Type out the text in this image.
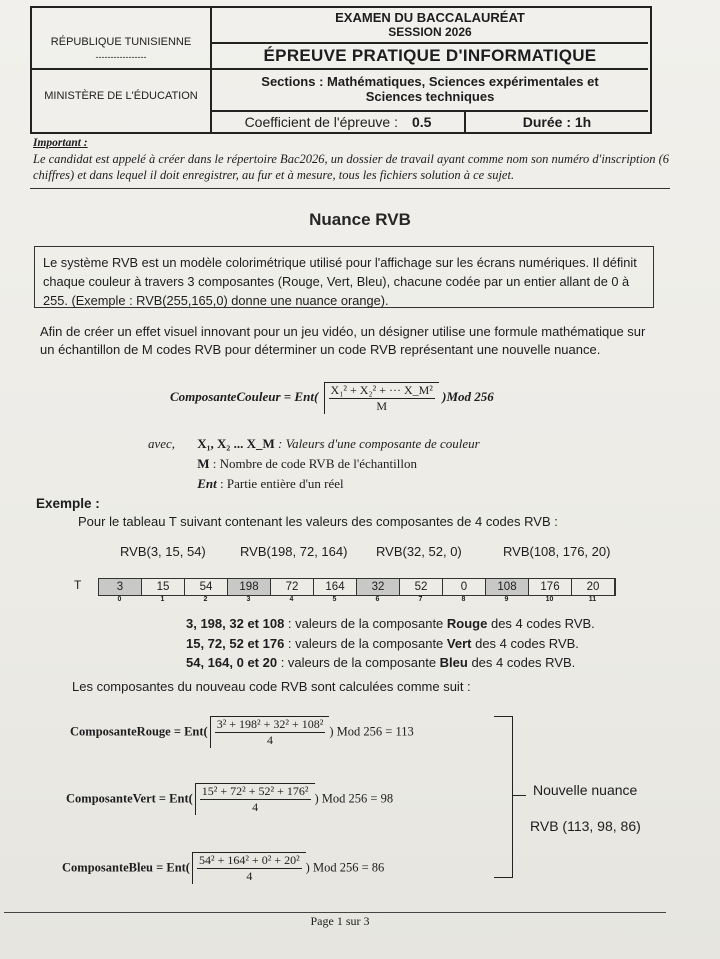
RÉPUBLIQUE TUNISIENNE
-----------------
MINISTÈRE DE L'ÉDUCATION
EXAMEN DU BACCALAURÉAT
SESSION 2026
ÉPREUVE PRATIQUE D'INFORMATIQUE
Sections : Mathématiques, Sciences expérimentales et
Sciences techniques
Coefficient de l'épreuve : 0.5	Durée : 1h
Important :
Le candidat est appelé à créer dans le répertoire Bac2026, un dossier de travail ayant comme nom son numéro d'inscription (6 chiffres) et dans lequel il doit enregistrer, au fur et à mesure, tous les fichiers solution à ce sujet.
Nuance RVB
Le système RVB est un modèle colorimétrique utilisé pour l'affichage sur les écrans numériques. Il définit chaque couleur à travers 3 composantes (Rouge, Vert, Bleu), chacune codée par un entier allant de 0 à 255. (Exemple : RVB(255,165,0) donne une nuance orange).
Afin de créer un effet visuel innovant pour un jeu vidéo, un désigner utilise une formule mathématique sur un échantillon de M codes RVB pour déterminer un code RVB représentant une nouvelle nuance.
ComposanteCouleur = $Ent( \frac{\text{X₁² + X₂² + ··· X\_M²}}{M} )Mod$ 256
avec, X₁, X₂ ... X_M : Valeurs d'une composante de couleur
M : Nombre de code RVB de l'échantillon
Ent : Partie entière d'un réel
Exemple :
Pour le tableau T suivant contenant les valeurs des composantes de 4 codes RVB :
RVB(3, 15, 54)	RVB(198, 72, 164) RVB(32, 52, 0)	RVB(108, 176, 20)
T	3	15	54	198	72	164	32	52	0	108	176	20
0	1	2	3	4	5	6	7	8	9	10	11
3, 198, 32 et 108 : valeurs de la composante Rouge des 4 codes RVB.
15, 72, 52 et 176 : valeurs de la composante Vert des 4 codes RVB.
54, 164, 0 et 20 : valeurs de la composante Bleu des 4 codes RVB.
Les composantes du nouveau code RVB sont calculées comme suit :
ComposanteRouge = $Ent( \frac{\text{3² + 198² + 32² + 108²}}{4}$ ) Mod 256 = 113
ComposanteVert = $Ent( \frac{\text{15² + 72² + 52² + 176²}}{4}$ ) Mod 256 = 98
ComposanteBleu = $Ent( \frac{\text{54² + 164² + 0² + 20²}}{4}$ ) Mod 256 = 86
Nouvelle nuance
RVB (113, 98, 86)
Page 1 sur 3
